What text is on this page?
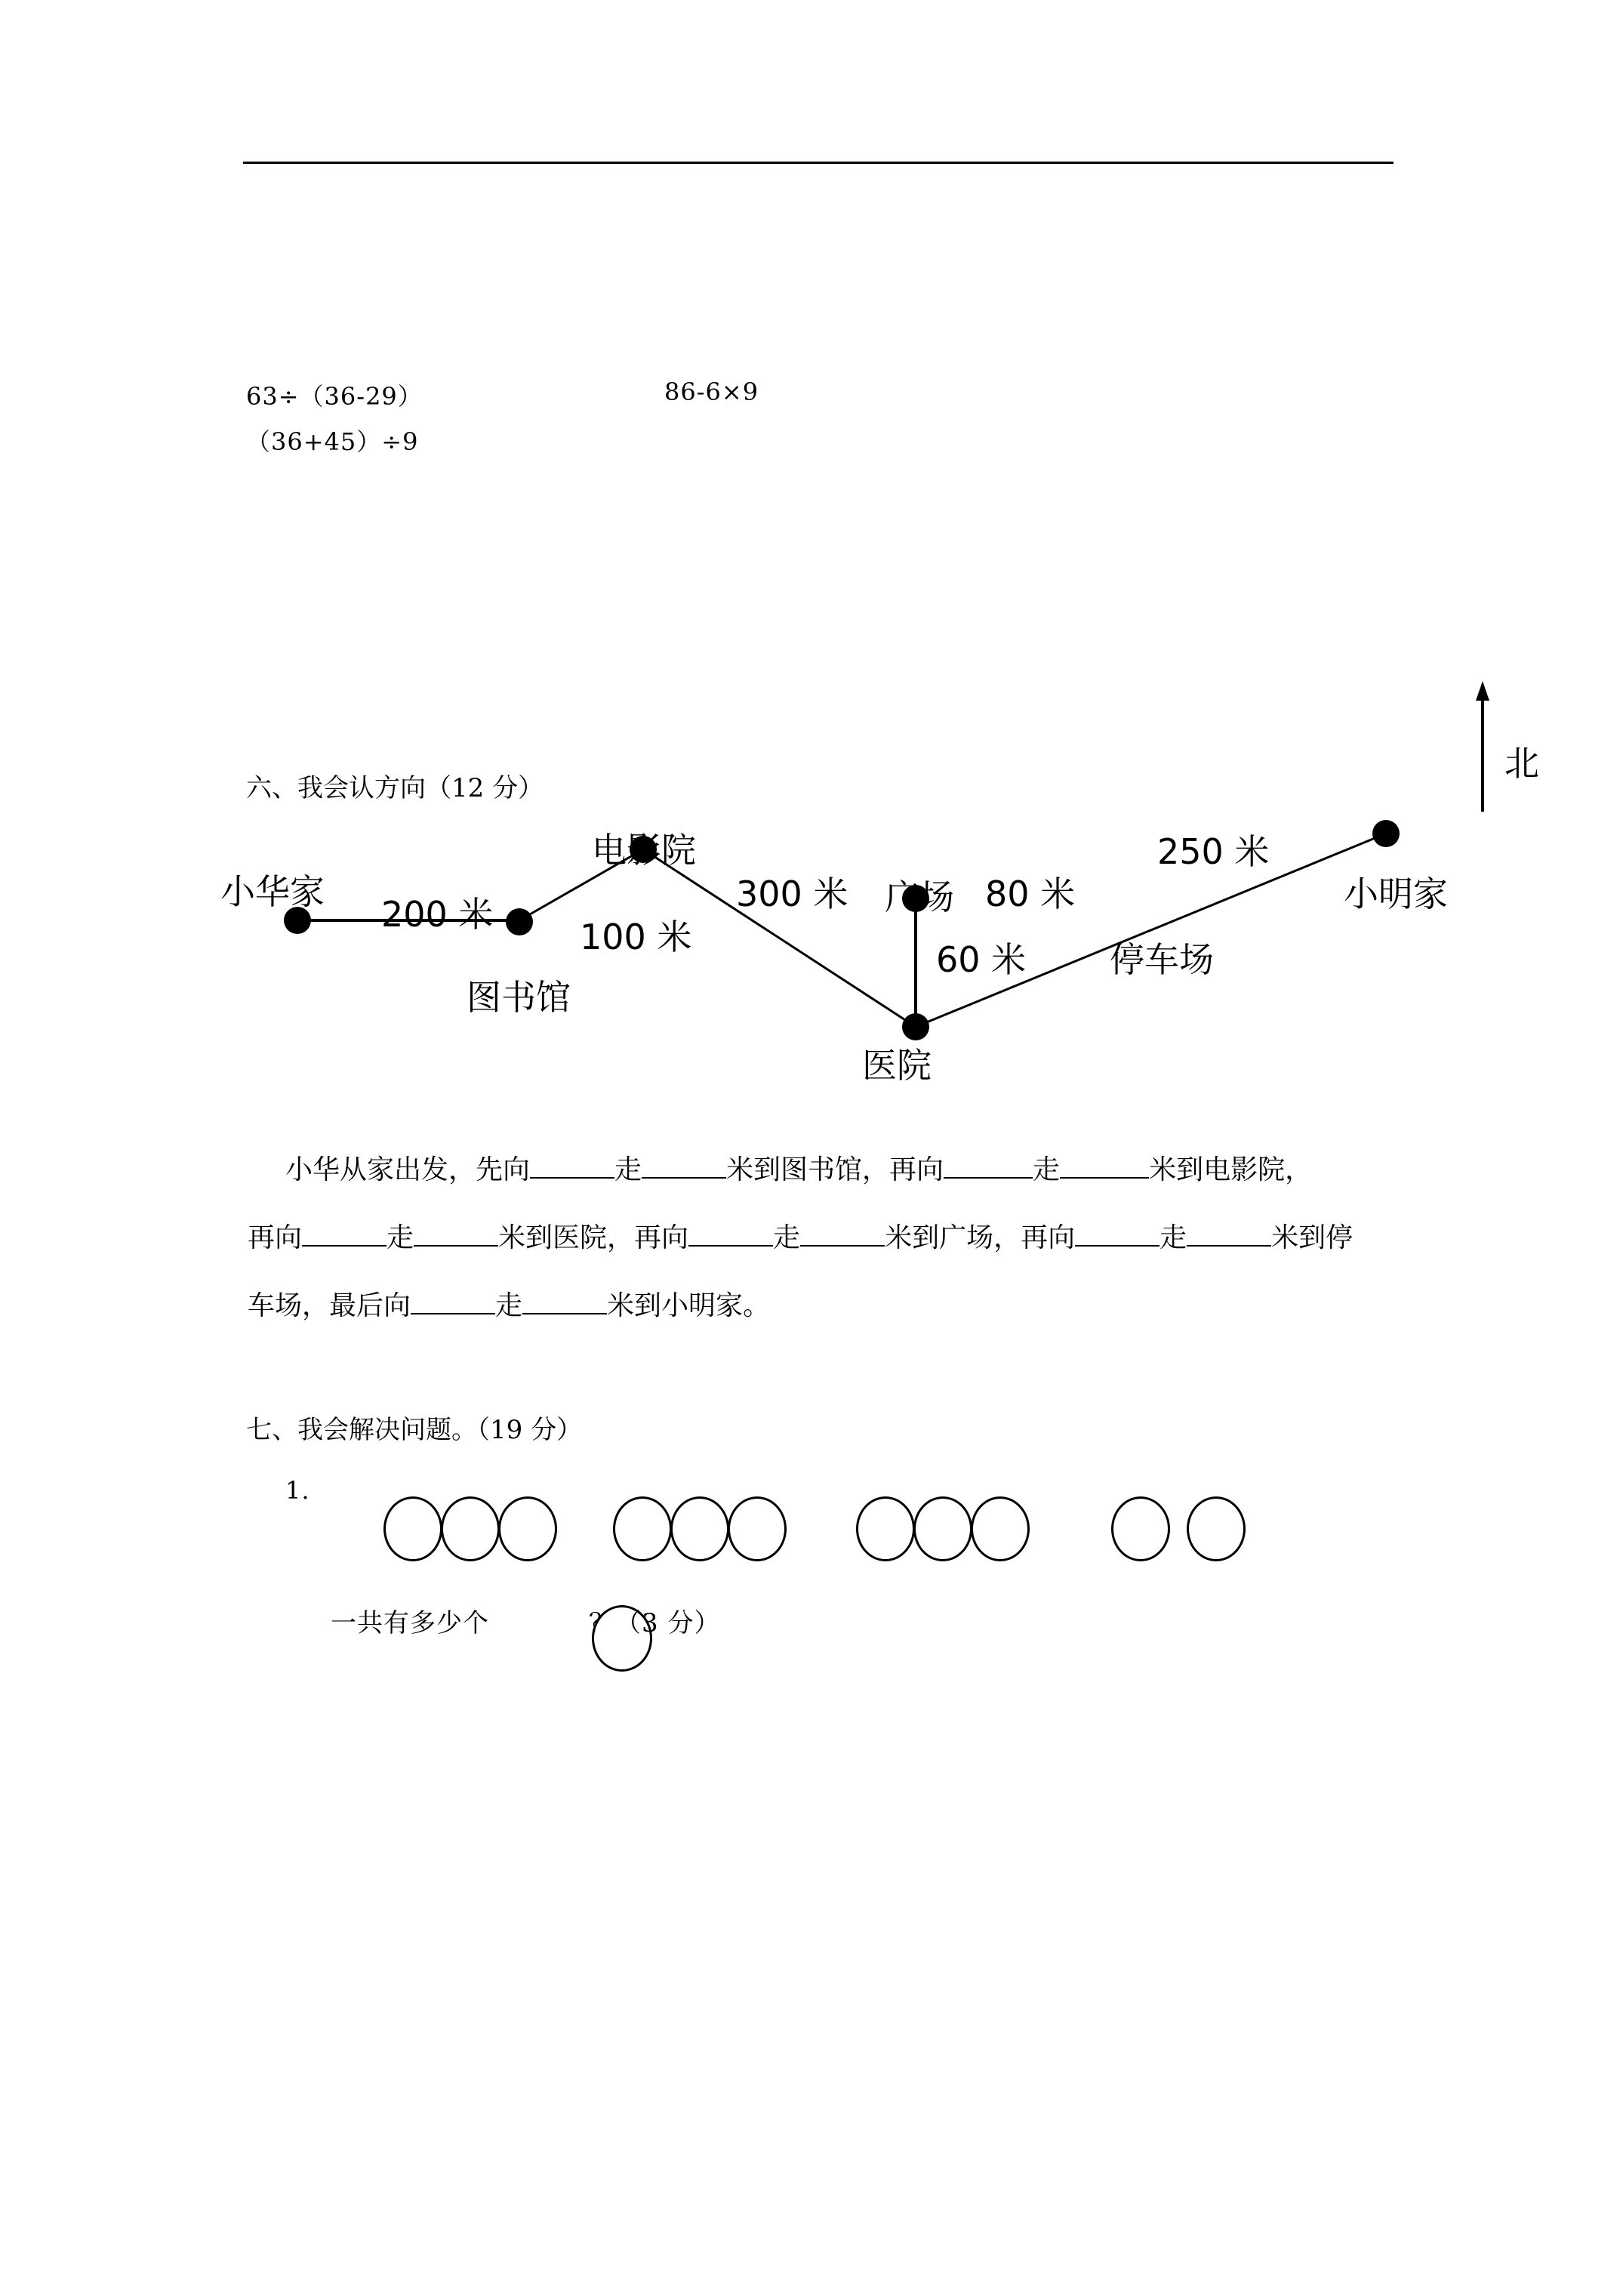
63÷（36-29）	86-6×9
（36+45）÷9
六、我会认方向（12 分）
北
小华家
200 米
图书馆
电影院
100 米
300 米 广场 80 米
60 米
医院
停车场
250 米
小明家
小华从家出发，先向	走	米到图书馆，再向	走	米到电影院，
再向	走	米到医院，再向	走	米到广场，再向	走	米到停
车场，最后向	走	米到小明家。
七、我会解决问题。（19 分）
1.
一共有多少个	？（3 分）
